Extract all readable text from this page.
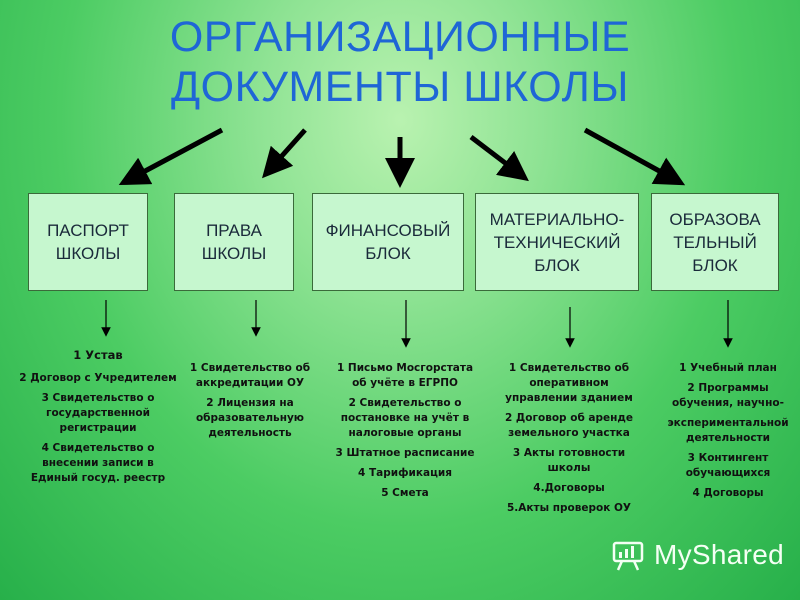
ОРГАНИЗАЦИОННЫЕ
ДОКУМЕНТЫ ШКОЛЫ
ПАСПОРТ
ШКОЛЫ
ПРАВА
ШКОЛЫ
ФИНАНСОВЫЙ
БЛОК
МАТЕРИАЛЬНО-
ТЕХНИЧЕСКИЙ
БЛОК
ОБРАЗОВА
ТЕЛЬНЫЙ
БЛОК
1 Устав
2 Договор с Учредителем
3 Свидетельство о государственной регистрации
4 Свидетельство о внесении записи в Единый госуд. реестр
1 Свидетельство об аккредитации ОУ
2 Лицензия на образовательную деятельность
1 Письмо Мосгорстата об учёте в ЕГРПО
2 Свидетельство о постановке на учёт в налоговые органы
3 Штатное расписание
4 Тарификация
5 Смета
1 Свидетельство об оперативном управлении зданием
2 Договор об аренде земельного участка
3 Акты готовности школы
4.Договоры
5.Акты проверок ОУ
1 Учебный план
2 Программы обучения, научно-
экспериментальной деятельности
3 Контингент обучающихся
4 Договоры
MyShared
